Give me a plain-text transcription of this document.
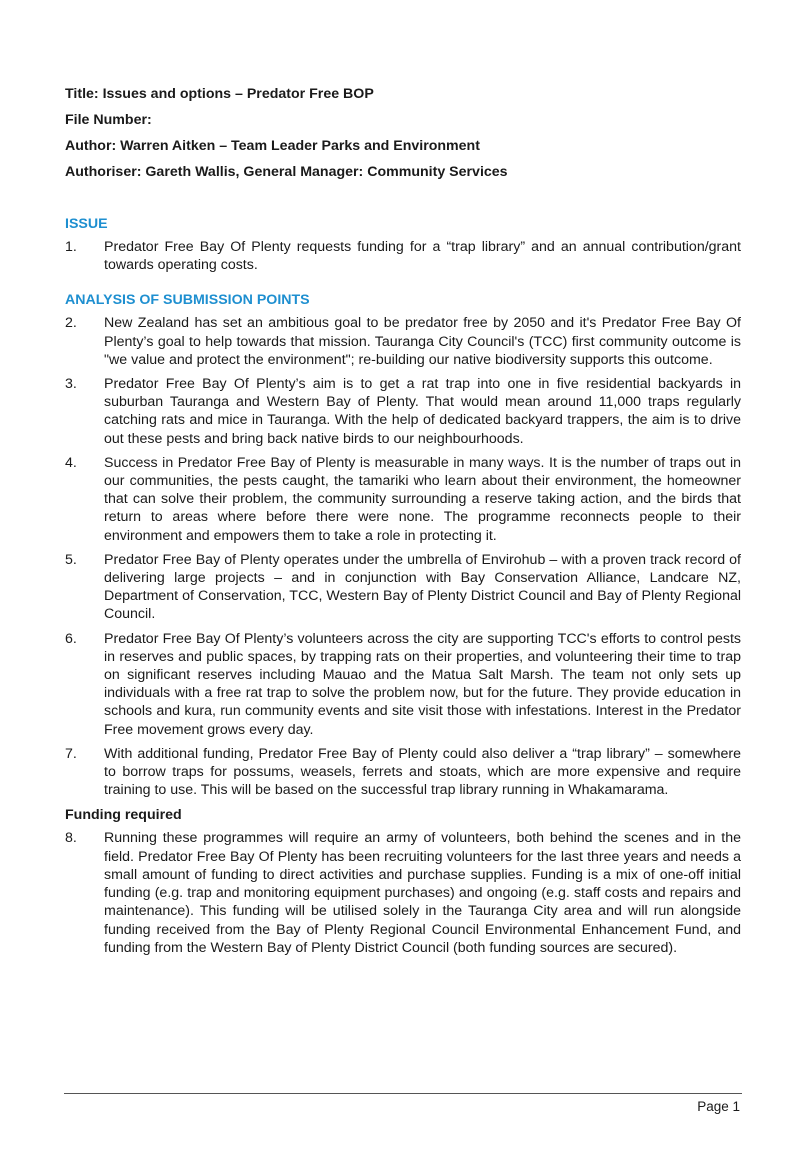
Title: Issues and options – Predator Free BOP
File Number:
Author: Warren Aitken – Team Leader Parks and Environment
Authoriser: Gareth Wallis, General Manager: Community Services
ISSUE
1.	Predator Free Bay Of Plenty requests funding for a “trap library” and an annual contribution/grant towards operating costs.
ANALYSIS OF SUBMISSION POINTS
2.	New Zealand has set an ambitious goal to be predator free by 2050 and it's Predator Free Bay Of Plenty’s goal to help towards that mission. Tauranga City Council's (TCC) first community outcome is "we value and protect the environment"; re-building our native biodiversity supports this outcome.
3.	Predator Free Bay Of Plenty’s aim is to get a rat trap into one in five residential backyards in suburban Tauranga and Western Bay of Plenty. That would mean around 11,000 traps regularly catching rats and mice in Tauranga. With the help of dedicated backyard trappers, the aim is to drive out these pests and bring back native birds to our neighbourhoods.
4.	Success in Predator Free Bay of Plenty is measurable in many ways. It is the number of traps out in our communities, the pests caught, the tamariki who learn about their environment, the homeowner that can solve their problem, the community surrounding a reserve taking action, and the birds that return to areas where before there were none. The programme reconnects people to their environment and empowers them to take a role in protecting it.
5.	Predator Free Bay of Plenty operates under the umbrella of Envirohub – with a proven track record of delivering large projects – and in conjunction with Bay Conservation Alliance, Landcare NZ, Department of Conservation, TCC, Western Bay of Plenty District Council and Bay of Plenty Regional Council.
6.	Predator Free Bay Of Plenty’s volunteers across the city are supporting TCC's efforts to control pests in reserves and public spaces, by trapping rats on their properties, and volunteering their time to trap on significant reserves including Mauao and the Matua Salt Marsh. The team not only sets up individuals with a free rat trap to solve the problem now, but for the future. They provide education in schools and kura, run community events and site visit those with infestations. Interest in the Predator Free movement grows every day.
7.	With additional funding, Predator Free Bay of Plenty could also deliver a “trap library” – somewhere to borrow traps for possums, weasels, ferrets and stoats, which are more expensive and require training to use. This will be based on the successful trap library running in Whakamarama.
Funding required
8.	Running these programmes will require an army of volunteers, both behind the scenes and in the field. Predator Free Bay Of Plenty has been recruiting volunteers for the last three years and needs a small amount of funding to direct activities and purchase supplies. Funding is a mix of one-off initial funding (e.g. trap and monitoring equipment purchases) and ongoing (e.g. staff costs and repairs and maintenance). This funding will be utilised solely in the Tauranga City area and will run alongside funding received from the Bay of Plenty Regional Council Environmental Enhancement Fund, and funding from the Western Bay of Plenty District Council (both funding sources are secured).
Page 1
